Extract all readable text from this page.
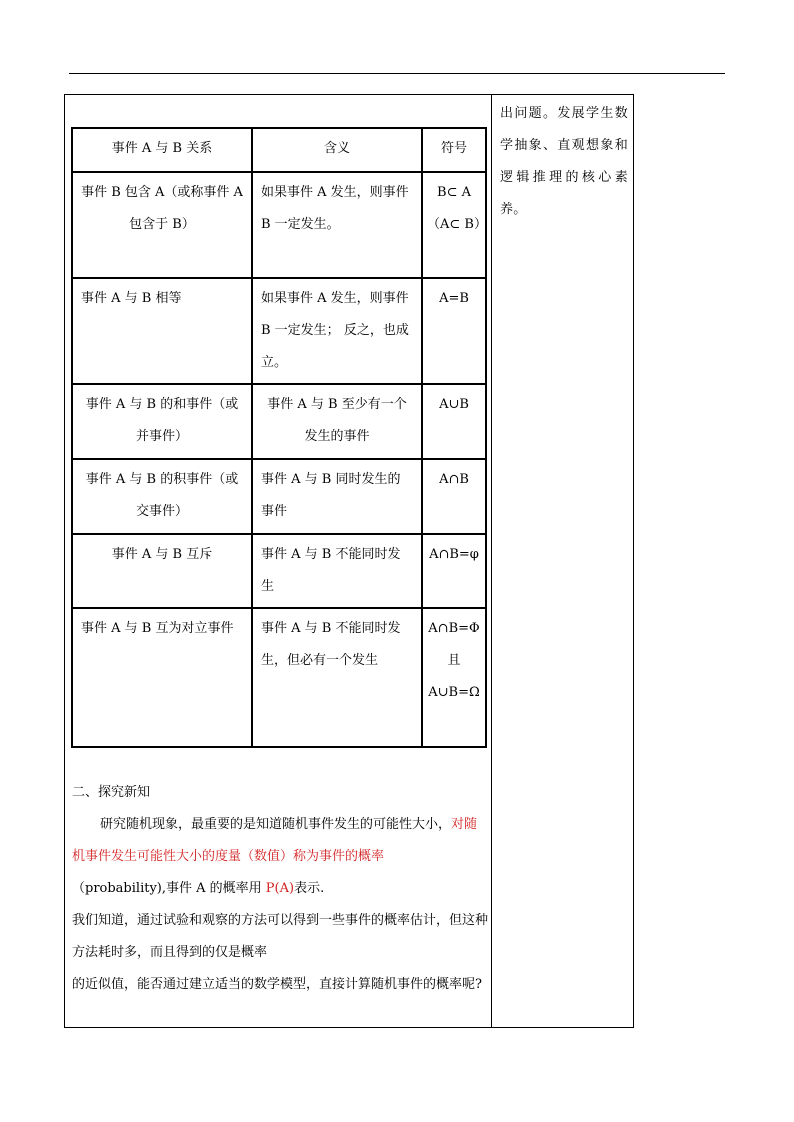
出问题。发展学生数学抽象、直观想象和逻辑推理的核心素养。
事件 A 与 B 关系	含义	符号
事件 B 包含 A（或称事件 A 包含于 B）	如果事件 A 发生，则事件 B 一定发生。	B⊂ A（A⊂ B）
事件 A 与 B 相等	如果事件 A 发生，则事件 B 一定发生； 反之，也成立。	A=B
事件 A 与 B 的和事件（或并事件）	事件 A 与 B 至少有一个发生的事件	A∪B
事件 A 与 B 的积事件（或交事件）	事件 A 与 B 同时发生的事件	A∩B
事件 A 与 B 互斥	事件 A 与 B 不能同时发生	A∩B=φ
事件 A 与 B 互为对立事件	事件 A 与 B 不能同时发生，但必有一个发生	A∩B=Φ 且 A∪B=Ω

二、探究新知

研究随机现象，最重要的是知道随机事件发生的可能性大小，对随机事件发生可能性大小的度量（数值）称为事件的概率

（probability),事件 A 的概率用 P(A)表示.

我们知道，通过试验和观察的方法可以得到一些事件的概率估计，但这种方法耗时多，而且得到的仅是概率

的近似值，能否通过建立适当的数学模型，直接计算随机事件的概率呢?
